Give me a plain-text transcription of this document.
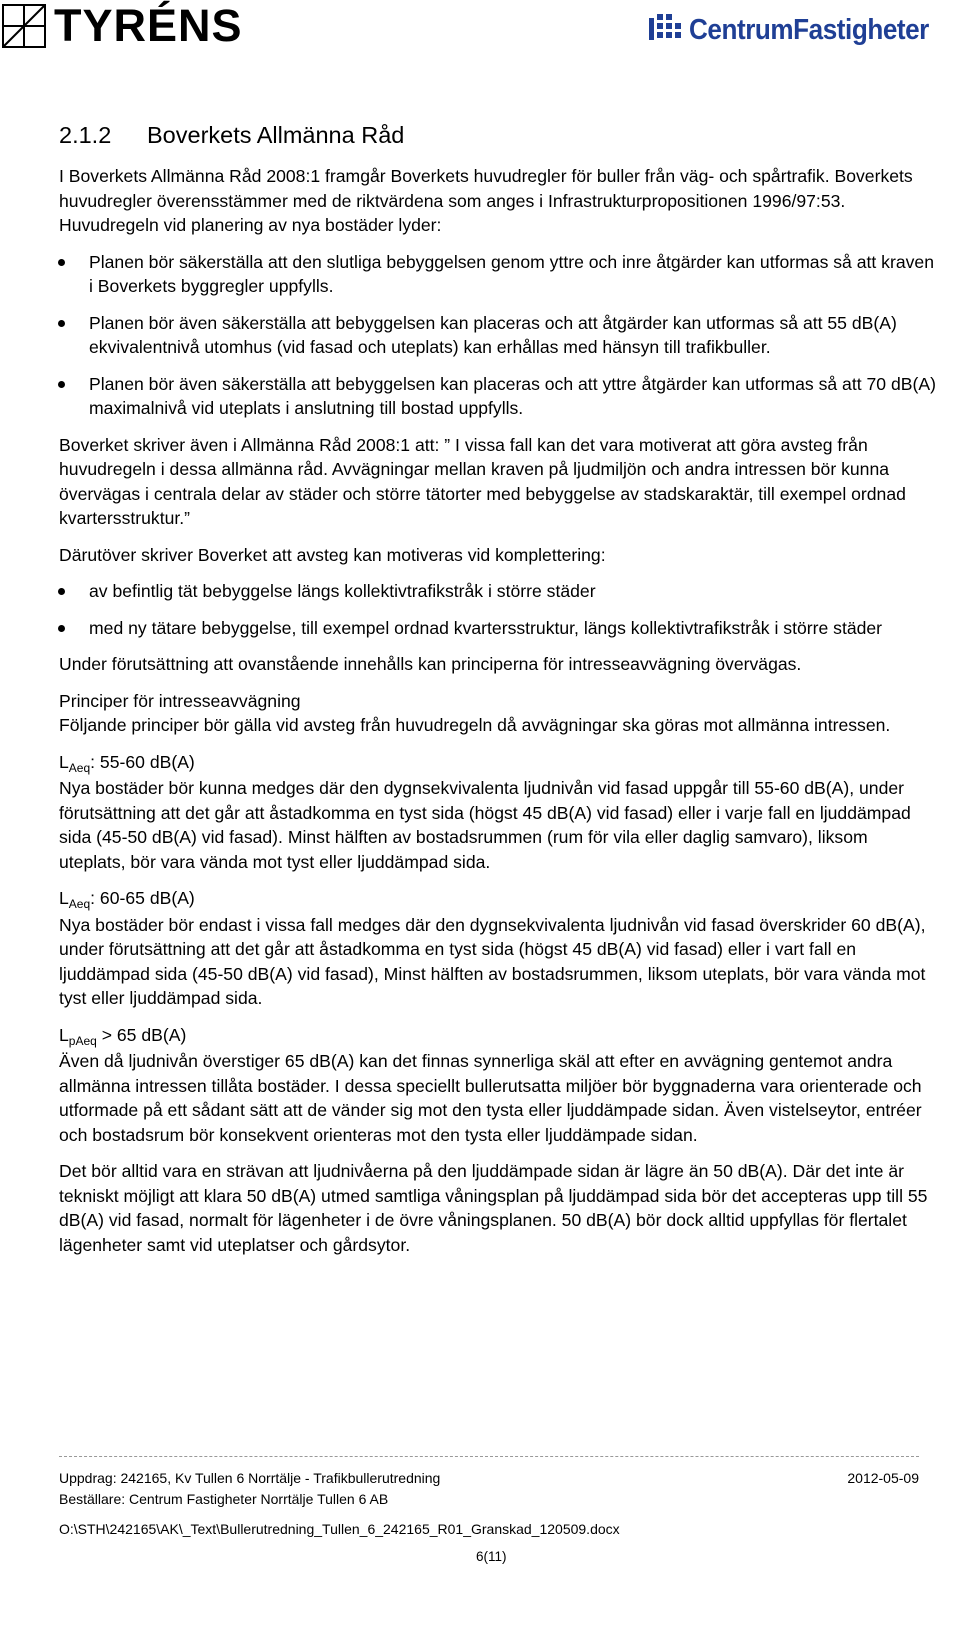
TYRÉNS	CentrumFastigheter
2.1.2	Boverkets Allmänna Råd

I Boverkets Allmänna Råd 2008:1 framgår Boverkets huvudregler för buller från väg- och spårtrafik. Boverkets huvudregler överensstämmer med de riktvärdena som anges i Infrastrukturpropositionen 1996/97:53. Huvudregeln vid planering av nya bostäder lyder:

Planen bör säkerställa att den slutliga bebyggelsen genom yttre och inre åtgärder kan utformas så att kraven i Boverkets byggregler uppfylls.
Planen bör även säkerställa att bebyggelsen kan placeras och att åtgärder kan utformas så att 55 dB(A) ekvivalentnivå utomhus (vid fasad och uteplats) kan erhållas med hänsyn till trafikbuller.
Planen bör även säkerställa att bebyggelsen kan placeras och att yttre åtgärder kan utformas så att 70 dB(A) maximalnivå vid uteplats i anslutning till bostad uppfylls.

Boverket skriver även i Allmänna Råd 2008:1 att: ” I vissa fall kan det vara motiverat att göra avsteg från huvudregeln i dessa allmänna råd. Avvägningar mellan kraven på ljudmiljön och andra intressen bör kunna övervägas i centrala delar av städer och större tätorter med bebyggelse av stadskaraktär, till exempel ordnad kvartersstruktur.”

Därutöver skriver Boverket att avsteg kan motiveras vid komplettering:

av befintlig tät bebyggelse längs kollektivtrafikstråk i större städer
med ny tätare bebyggelse, till exempel ordnad kvartersstruktur, längs kollektivtrafikstråk i större städer

Under förutsättning att ovanstående innehålls kan principerna för intresseavvägning övervägas.

Principer för intresseavvägning

Följande principer bör gälla vid avsteg från huvudregeln då avvägningar ska göras mot allmänna intressen.

$L_{Aeq}$: 55-60 dB(A)

Nya bostäder bör kunna medges där den dygnsekvivalenta ljudnivån vid fasad uppgår till 55-60 dB(A), under förutsättning att det går att åstadkomma en tyst sida (högst 45 dB(A) vid fasad) eller i varje fall en ljuddämpad sida (45-50 dB(A) vid fasad). Minst hälften av bostadsrummen (rum för vila eller daglig samvaro), liksom uteplats, bör vara vända mot tyst eller ljuddämpad sida.

$L_{Aeq}$: 60-65 dB(A)

Nya bostäder bör endast i vissa fall medges där den dygnsekvivalenta ljudnivån vid fasad överskrider 60 dB(A), under förutsättning att det går att åstadkomma en tyst sida (högst 45 dB(A) vid fasad) eller i vart fall en ljuddämpad sida (45-50 dB(A) vid fasad), Minst hälften av bostadsrummen, liksom uteplats, bör vara vända mot tyst eller ljuddämpad sida.

$L_{pAeq} > 65$ dB(A)

Även då ljudnivån överstiger 65 dB(A) kan det finnas synnerliga skäl att efter en avvägning gentemot andra allmänna intressen tillåta bostäder. I dessa speciellt bullerutsatta miljöer bör byggnaderna vara orienterade och utformade på ett sådant sätt att de vänder sig mot den tysta eller ljuddämpade sidan. Även vistelseytor, entréer och bostadsrum bör konsekvent orienteras mot den tysta eller ljuddämpade sidan.

Det bör alltid vara en strävan att ljudnivåerna på den ljuddämpade sidan är lägre än 50 dB(A). Där det inte är tekniskt möjligt att klara 50 dB(A) utmed samtliga våningsplan på ljuddämpad sida bör det accepteras upp till 55 dB(A) vid fasad, normalt för lägenheter i de övre våningsplanen. 50 dB(A) bör dock alltid uppfyllas för flertalet lägenheter samt vid uteplatser och gårdsytor.

Uppdrag: 242165, Kv Tullen 6 Norrtälje - Trafikbullerutredning	2012-05-09
Beställare: Centrum Fastigheter Norrtälje Tullen 6 AB
O:\STH\242165\AK\_Text\Bullerutredning_Tullen_6_242165_R01_Granskad_120509.docx
6(11)
